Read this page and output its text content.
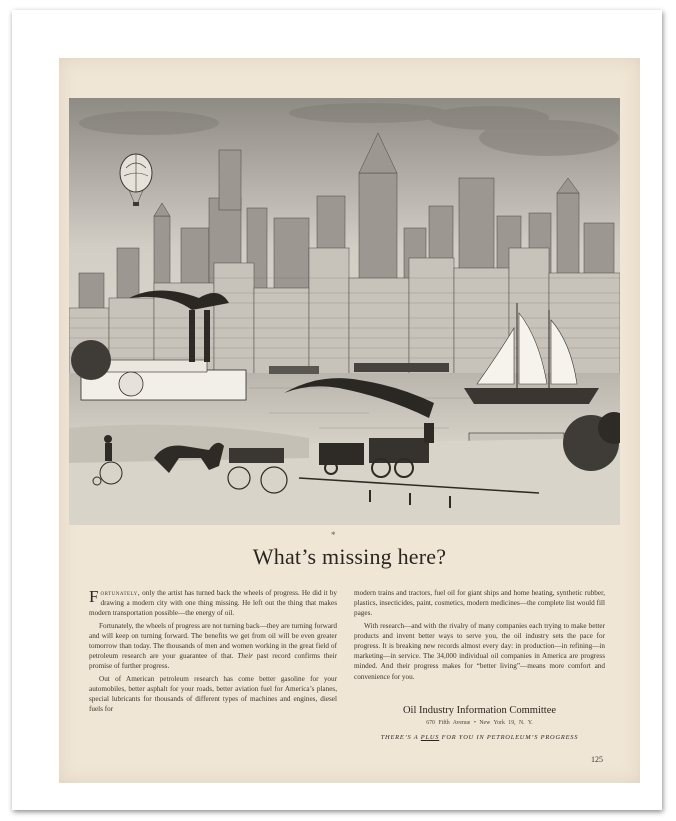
*
What’s missing here?

Fortunately, only the artist has turned back the wheels of progress. He did it by drawing a modern city with one thing missing. He left out the thing that makes modern transportation possible—the energy of oil.

Fortunately, the wheels of progress are not turning back—they are turning forward and will keep on turning forward. The benefits we get from oil will be even greater tomorrow than today. The thousands of men and women working in the great field of petroleum research are your guarantee of that. Their past record confirms their promise of further progress.

Out of American petroleum research has come better gasoline for your automobiles, better asphalt for your roads, better aviation fuel for America’s planes, special lubricants for thousands of different types of machines and engines, diesel fuels for

modern trains and tractors, fuel oil for giant ships and home heating, synthetic rubber, plastics, insecticides, paint, cosmetics, modern medicines—the complete list would fill pages.

With research—and with the rivalry of many companies each trying to make better products and invent better ways to serve you, the oil industry sets the pace for progress. It is breaking new records almost every day: in production—in refining—in marketing—in service. The 34,000 individual oil companies in America are progress minded. And their progress makes for “better living”—means more comfort and convenience for you.

Oil Industry Information Committee
670 Fifth Avenue • New York 19, N. Y.
THERE’S A PLUS FOR YOU IN PETROLEUM’S PROGRESS
125
